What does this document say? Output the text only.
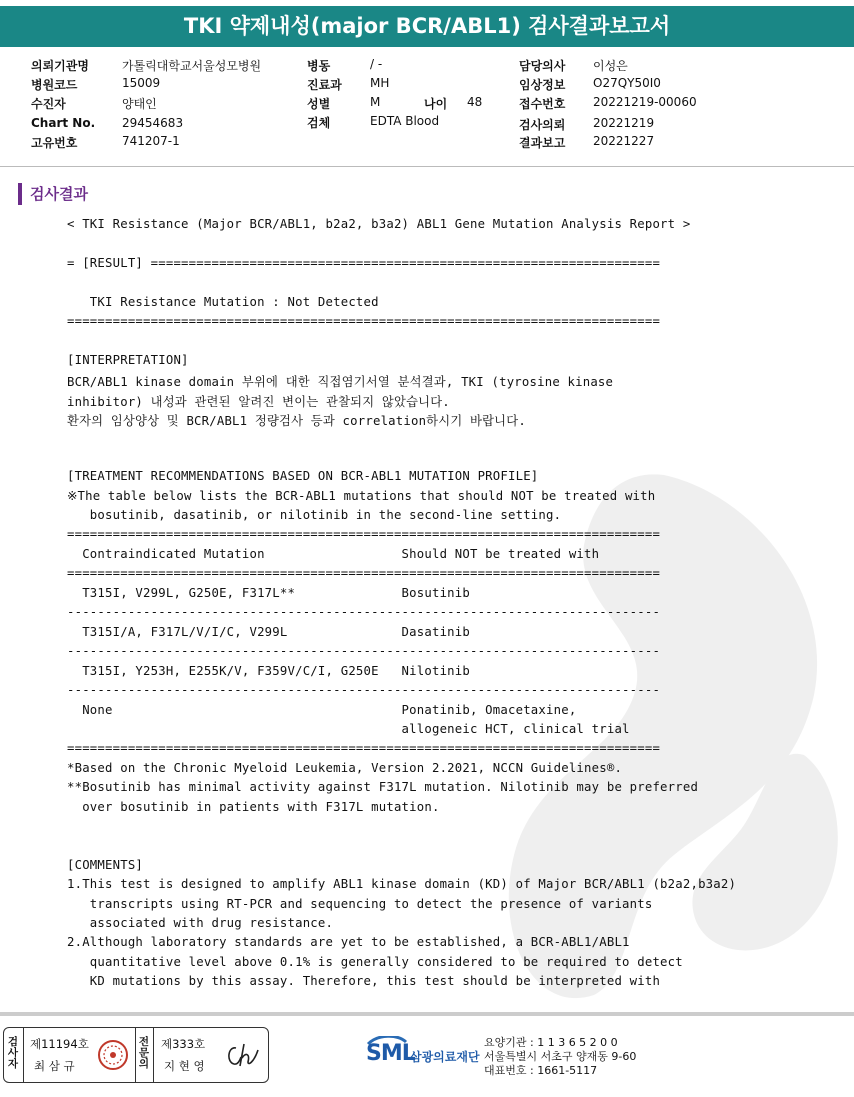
TKI 약제내성(major BCR/ABL1) 검사결과보고서
의뢰기관명	가톨릭대학교서울성모병원
병원코드	15009
수진자	양태인
Chart No. 29454683
고유번호	741207-1
병동	/ -
진료과 MH
성별	M	나이 48
검체	EDTA Blood
담당의사 이성은
임상정보 O27QY50I0
접수번호 20221219-00060
검사의뢰 20221219
결과보고 20221227
검사결과
< TKI Resistance (Major BCR/ABL1, b2a2, b3a2) ABL1 Gene Mutation Analysis Report >
= [RESULT] ===================================================================
TKI Resistance Mutation : Not Detected
==============================================================================
[INTERPRETATION]
BCR/ABL1 kinase domain 부위에 대한 직접염기서열 분석결과, TKI (tyrosine kinase
inhibitor) 내성과 관련된 알려진 변이는 관찰되지 않았습니다.
환자의 임상양상 및 BCR/ABL1 정량검사 등과 correlation하시기 바랍니다.
[TREATMENT RECOMMENDATIONS BASED ON BCR-ABL1 MUTATION PROFILE]
※The table below lists the BCR-ABL1 mutations that should NOT be treated with
bosutinib, dasatinib, or nilotinib in the second-line setting.
==============================================================================
Contraindicated Mutation                  Should NOT be treated with
==============================================================================
T315I, V299L, G250E, F317L**              Bosutinib
------------------------------------------------------------------------------
T315I/A, F317L/V/I/C, V299L               Dasatinib
------------------------------------------------------------------------------
T315I, Y253H, E255K/V, F359V/C/I, G250E   Nilotinib
------------------------------------------------------------------------------
None                                      Ponatinib, Omacetaxine,
allogeneic HCT, clinical trial
==============================================================================
*Based on the Chronic Myeloid Leukemia, Version 2.2021, NCCN Guidelines®.
**Bosutinib has minimal activity against F317L mutation. Nilotinib may be preferred
over bosutinib in patients with F317L mutation.
[COMMENTS]
1.This test is designed to amplify ABL1 kinase domain (KD) of Major BCR/ABL1 (b2a2,b3a2)
transcripts using RT-PCR and sequencing to detect the presence of variants
associated with drug resistance.
2.Although laboratory standards are yet to be established, a BCR-ABL1/ABL1
quantitative level above 0.1% is generally considered to be required to detect
KD mutations by this assay. Therefore, this test should be interpreted with
검사자
제11194호
최 삼 규
전문의
제333호
지 현 영	SML
삼광의료재단
요양기관 : 1 1 3 6 5 2 0 0
서울특별시 서초구 양재동 9-60
대표번호 : 1661-5117
